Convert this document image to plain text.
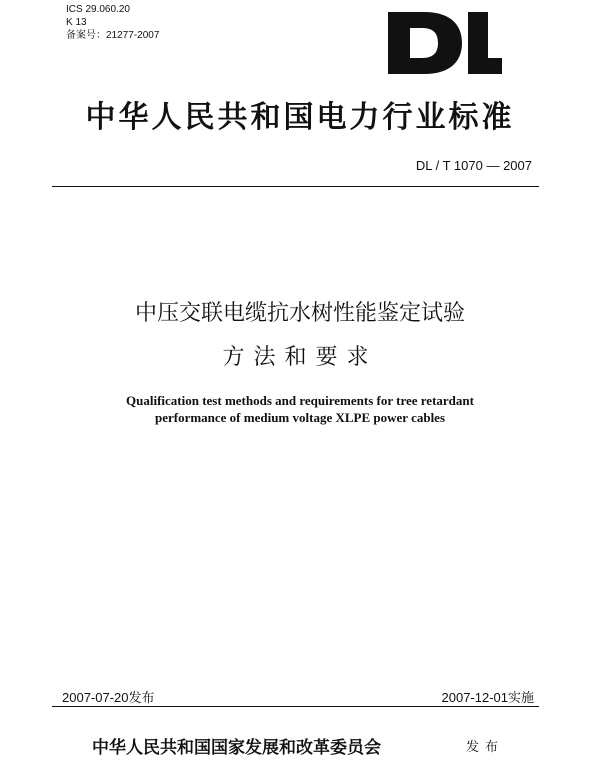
ICS 29.060.20
K 13
备案号：21277-2007
中华人民共和国电力行业标准
DL / T 1070 — 2007
中压交联电缆抗水树性能鉴定试验
方法和要求
Qualification test methods and requirements for tree retardant
performance of medium voltage XLPE power cables
2007-07-20发布	2007-12-01实施
中华人民共和国国家发展和改革委员会	发布
